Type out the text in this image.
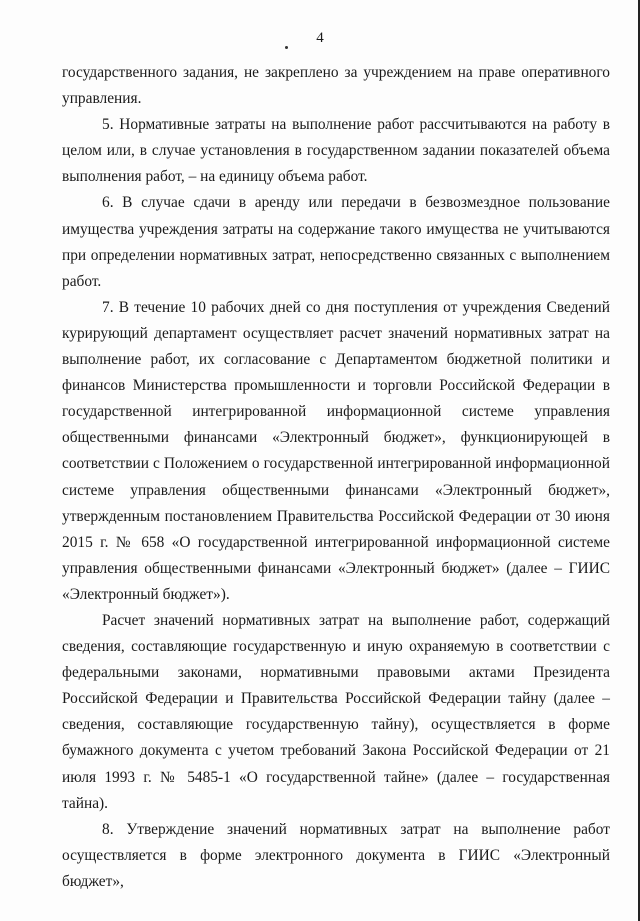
4

государственного задания, не закреплено за учреждением на праве оперативного управления.

5. Нормативные затраты на выполнение работ рассчитываются на работу в целом или, в случае установления в государственном задании показателей объема выполнения работ, – на единицу объема работ.

6. В случае сдачи в аренду или передачи в безвозмездное пользование имущества учреждения затраты на содержание такого имущества не учитываются при определении нормативных затрат, непосредственно связанных с выполнением работ.

7. В течение 10 рабочих дней со дня поступления от учреждения Сведений курирующий департамент осуществляет расчет значений нормативных затрат на выполнение работ, их согласование с Департаментом бюджетной политики и финансов Министерства промышленности и торговли Российской Федерации в государственной интегрированной информационной системе управления общественными финансами «Электронный бюджет», функционирующей в соответствии с Положением о государственной интегрированной информационной системе управления общественными финансами «Электронный бюджет», утвержденным постановлением Правительства Российской Федерации от 30 июня 2015 г. № 658 «О государственной интегрированной информационной системе управления общественными финансами «Электронный бюджет» (далее – ГИИС «Электронный бюджет»).

Расчет значений нормативных затрат на выполнение работ, содержащий сведения, составляющие государственную и иную охраняемую в соответствии с федеральными законами, нормативными правовыми актами Президента Российской Федерации и Правительства Российской Федерации тайну (далее – сведения, составляющие государственную тайну), осуществляется в форме бумажного документа с учетом требований Закона Российской Федерации от 21 июля 1993 г. № 5485-1 «О государственной тайне» (далее – государственная тайна).

8. Утверждение значений нормативных затрат на выполнение работ осуществляется в форме электронного документа в ГИИС «Электронный бюджет»,
